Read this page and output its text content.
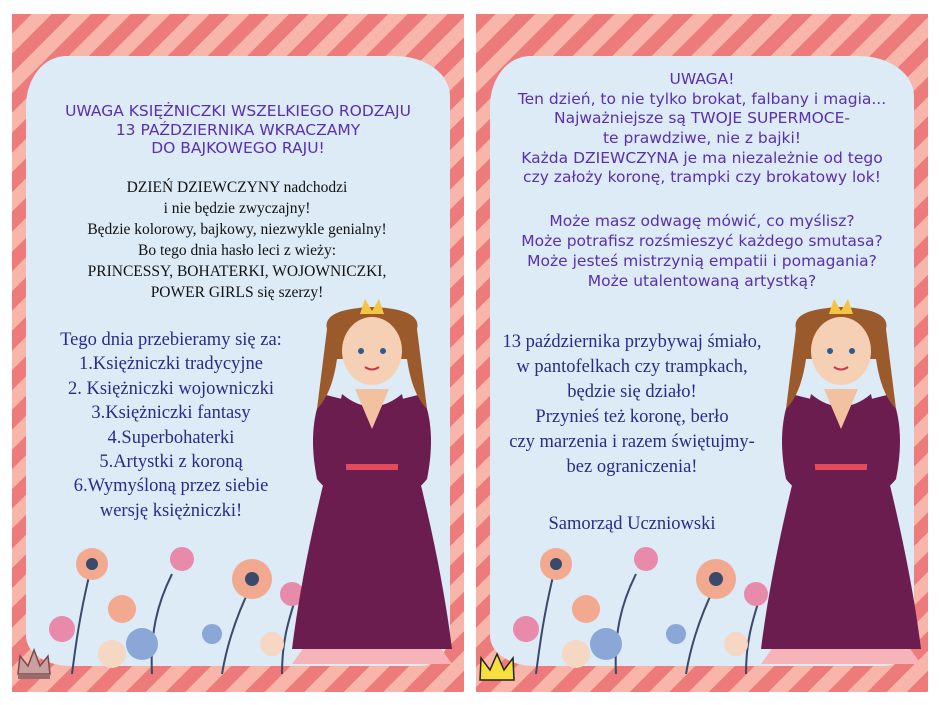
UWAGA KSIĘŻNICZKI WSZELKIEGO RODZAJU

13 PAŹDZIERNIKA WKRACZAMY

DO BAJKOWEGO RAJU!

DZIEŃ DZIEWCZYNY nadchodzi

i nie będzie zwyczajny!

Będzie kolorowy, bajkowy, niezwykle genialny!

Bo tego dnia hasło leci z wieży:

PRINCESSY, BOHATERKI, WOJOWNICZKI,

POWER GIRLS się szerzy!

Tego dnia przebieramy się za:

1.Księżniczki tradycyjne

2. Księżniczki wojowniczki

3.Księżniczki fantasy

4.Superbohaterki

5.Artystki z koroną

6.Wymyśloną przez siebie

wersję księżniczki!

UWAGA!

Ten dzień, to nie tylko brokat, falbany i magia...

Najważniejsze są TWOJE SUPERMOCE-

te prawdziwe, nie z bajki!

Każda DZIEWCZYNA je ma niezależnie od tego

czy założy koronę, trampki czy brokatowy lok!

Może masz odwagę mówić, co myślisz?

Może potrafisz rozśmieszyć każdego smutasa?

Może jesteś mistrzynią empatii i pomagania?

Może utalentowaną artystką?

13 października przybywaj śmiało,

w pantofelkach czy trampkach,

będzie się działo!

Przynieś też koronę, berło

czy marzenia i razem świętujmy-

bez ograniczenia!

Samorząd Uczniowski
